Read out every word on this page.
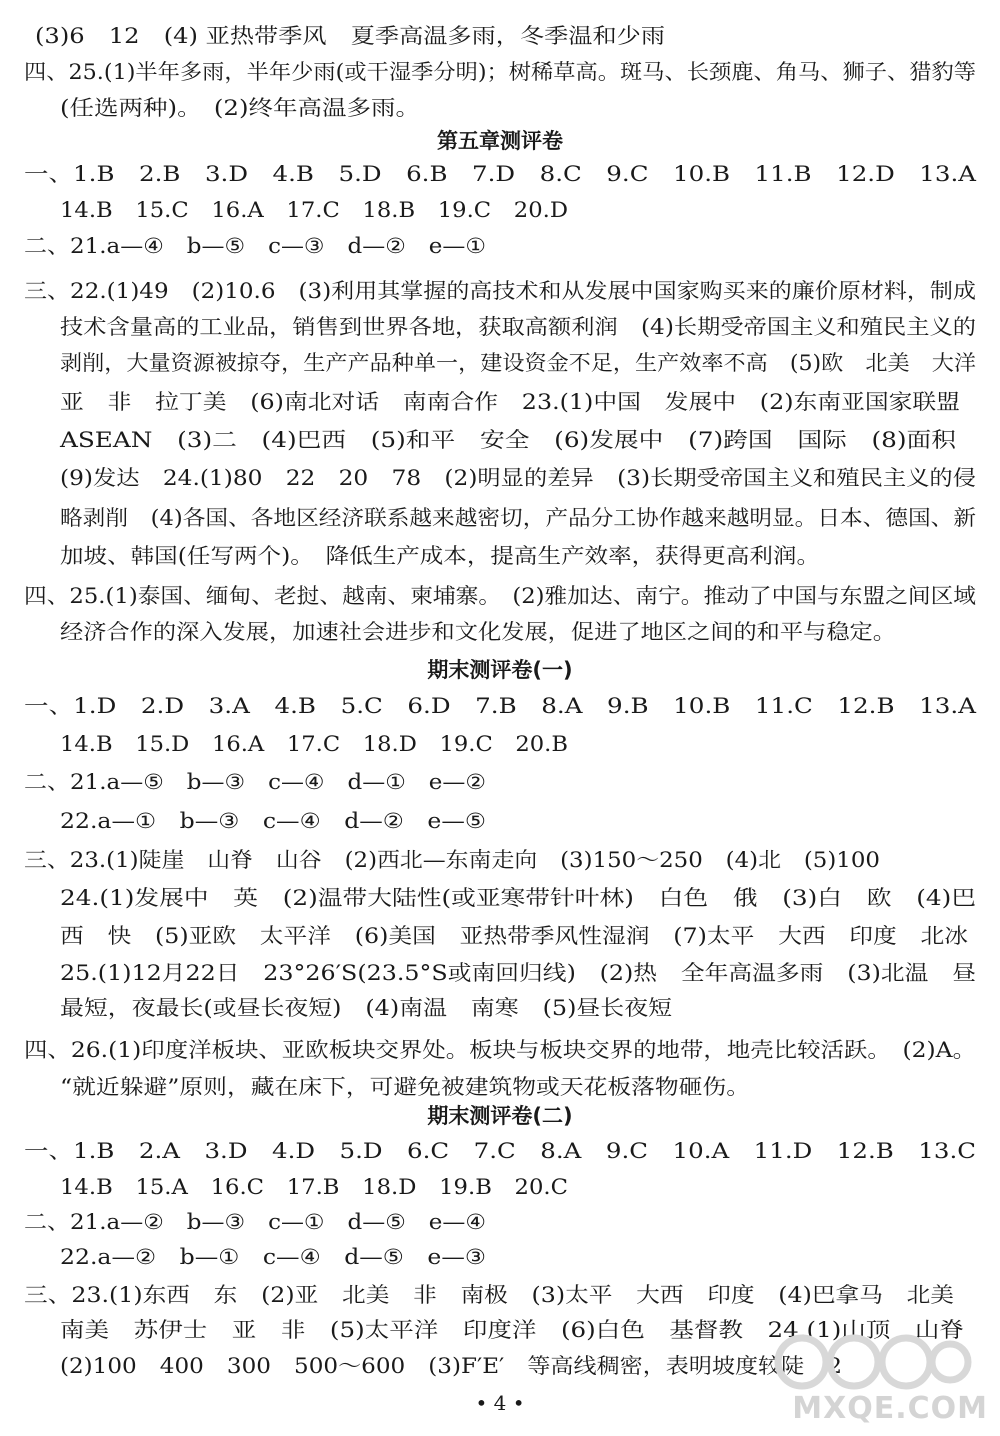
(3)6　12　(4) 亚热带季风　夏季高温多雨，冬季温和少雨
四、25.(1)半年多雨，半年少雨(或干湿季分明)；树稀草高。斑马、长颈鹿、角马、狮子、猎豹等
(任选两种)。　(2)终年高温多雨。
一、1.B　2.B　3.D　4.B　5.D　6.B　7.D　8.C　9.C　10.B　11.B　12.D　13.A
14.B　15.C　16.A　17.C　18.B　19.C　20.D
二、21.a—④　b—⑤　c—③　d—②　e—①
三、22.(1)49　(2)10.6　(3)利用其掌握的高技术和从发展中国家购买来的廉价原材料，制成
技术含量高的工业品，销售到世界各地，获取高额利润　(4)长期受帝国主义和殖民主义的
剥削，大量资源被掠夺，生产产品种单一，建设资金不足，生产效率不高　(5)欧　北美　大洋
亚　非　拉丁美　(6)南北对话　南南合作　23.(1)中国　发展中　(2)东南亚国家联盟
ASEAN　(3)二　(4)巴西　(5)和平　安全　(6)发展中　(7)跨国　国际　(8)面积
(9)发达　24.(1)80　22　20　78　(2)明显的差异　(3)长期受帝国主义和殖民主义的侵
略剥削　(4)各国、各地区经济联系越来越密切，产品分工协作越来越明显。日本、德国、新
加坡、韩国(任写两个)。　降低生产成本，提高生产效率，获得更高利润。
四、25.(1)泰国、缅甸、老挝、越南、柬埔寨。　(2)雅加达、南宁。推动了中国与东盟之间区域
经济合作的深入发展，加速社会进步和文化发展，促进了地区之间的和平与稳定。
一、1.D　2.D　3.A　4.B　5.C　6.D　7.B　8.A　9.B　10.B　11.C　12.B　13.A
14.B　15.D　16.A　17.C　18.D　19.C　20.B
二、21.a—⑤　b—③　c—④　d—①　e—②
22.a—①　b—③　c—④　d—②　e—⑤
三、23.(1)陡崖　山脊　山谷　(2)西北—东南走向　(3)150～250　(4)北　(5)100
24.(1)发展中　英　(2)温带大陆性(或亚寒带针叶林)　白色　俄　(3)白　欧　(4)巴
西　快　(5)亚欧　太平洋　(6)美国　亚热带季风性湿润　(7)太平　大西　印度　北冰
25.(1)12月22日　23°26′S(23.5°S或南回归线)　(2)热　全年高温多雨　(3)北温　昼
最短，夜最长(或昼长夜短)　(4)南温　南寒　(5)昼长夜短
四、26.(1)印度洋板块、亚欧板块交界处。板块与板块交界的地带，地壳比较活跃。　(2)A。
“就近躲避”原则，藏在床下，可避免被建筑物或天花板落物砸伤。
一、1.B　2.A　3.D　4.D　5.D　6.C　7.C　8.A　9.C　10.A　11.D　12.B　13.C
14.B　15.A　16.C　17.B　18.D　19.B　20.C
二、21.a—②　b—③　c—①　d—⑤　e—④
22.a—②　b—①　c—④　d—⑤　e—③
三、23.(1)东西　东　(2)亚　北美　非　南极　(3)太平　大西　印度　(4)巴拿马　北美
南美　苏伊士　亚　非　(5)太平洋　印度洋　(6)白色　基督教　24.(1)山顶　山脊
(2)100　400　300　500～600　(3)F′E′　等高线稠密，表明坡度较陡　2
第五章测评卷
期末测评卷(一)
期末测评卷(二)
• 4 •	MXQE.COM
